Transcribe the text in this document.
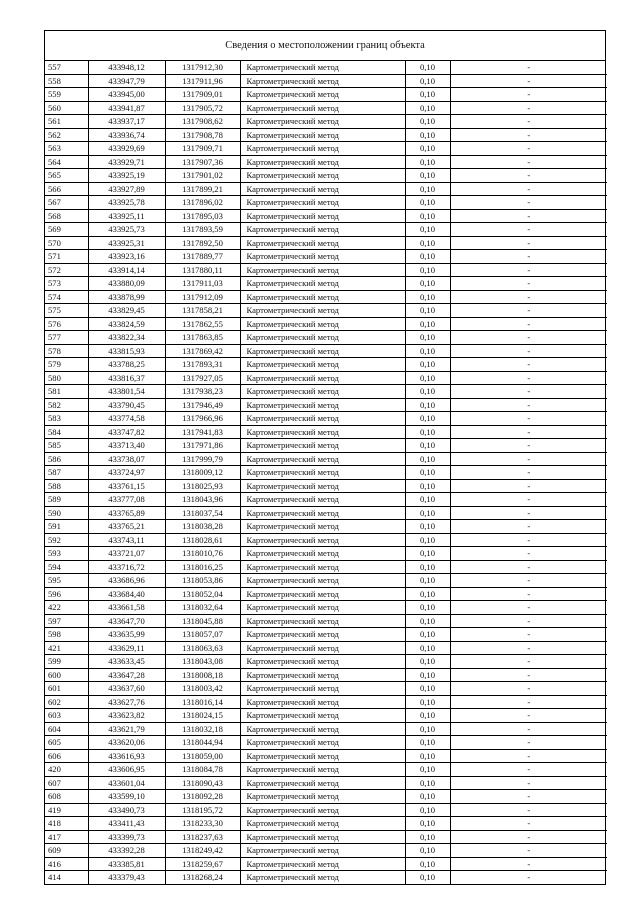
Сведения о местоположении границ объекта
557	433948,12	1317912,30	Картометрический метод	0,10	-
558	433947,79	1317911,96	Картометрический метод	0,10	-
559	433945,00	1317909,01	Картометрический метод	0,10	-
560	433941,87	1317905,72	Картометрический метод	0,10	-
561	433937,17	1317908,62	Картометрический метод	0,10	-
562	433936,74	1317908,78	Картометрический метод	0,10	-
563	433929,69	1317909,71	Картометрический метод	0,10	-
564	433929,71	1317907,36	Картометрический метод	0,10	-
565	433925,19	1317901,02	Картометрический метод	0,10	-
566	433927,89	1317899,21	Картометрический метод	0,10	-
567	433925,78	1317896,02	Картометрический метод	0,10	-
568	433925,11	1317895,03	Картометрический метод	0,10	-
569	433925,73	1317893,59	Картометрический метод	0,10	-
570	433925,31	1317892,50	Картометрический метод	0,10	-
571	433923,16	1317889,77	Картометрический метод	0,10	-
572	433914,14	1317880,11	Картометрический метод	0,10	-
573	433880,09	1317911,03	Картометрический метод	0,10	-
574	433878,99	1317912,09	Картометрический метод	0,10	-
575	433829,45	1317858,21	Картометрический метод	0,10	-
576	433824,59	1317862,55	Картометрический метод	0,10	-
577	433822,34	1317863,85	Картометрический метод	0,10	-
578	433815,93	1317869,42	Картометрический метод	0,10	-
579	433788,25	1317893,31	Картометрический метод	0,10	-
580	433816,37	1317927,05	Картометрический метод	0,10	-
581	433801,54	1317938,23	Картометрический метод	0,10	-
582	433790,45	1317946,49	Картометрический метод	0,10	-
583	433774,58	1317966,96	Картометрический метод	0,10	-
584	433747,82	1317941,83	Картометрический метод	0,10	-
585	433713,40	1317971,86	Картометрический метод	0,10	-
586	433738,07	1317999,79	Картометрический метод	0,10	-
587	433724,97	1318009,12	Картометрический метод	0,10	-
588	433761,15	1318025,93	Картометрический метод	0,10	-
589	433777,08	1318043,96	Картометрический метод	0,10	-
590	433765,89	1318037,54	Картометрический метод	0,10	-
591	433765,21	1318038,28	Картометрический метод	0,10	-
592	433743,11	1318028,61	Картометрический метод	0,10	-
593	433721,07	1318010,76	Картометрический метод	0,10	-
594	433716,72	1318016,25	Картометрический метод	0,10	-
595	433686,96	1318053,86	Картометрический метод	0,10	-
596	433684,40	1318052,04	Картометрический метод	0,10	-
422	433661,58	1318032,64	Картометрический метод	0,10	-
597	433647,70	1318045,88	Картометрический метод	0,10	-
598	433635,99	1318057,07	Картометрический метод	0,10	-
421	433629,11	1318063,63	Картометрический метод	0,10	-
599	433633,45	1318043,08	Картометрический метод	0,10	-
600	433647,28	1318008,18	Картометрический метод	0,10	-
601	433637,60	1318003,42	Картометрический метод	0,10	-
602	433627,76	1318016,14	Картометрический метод	0,10	-
603	433623,82	1318024,15	Картометрический метод	0,10	-
604	433621,79	1318032,18	Картометрический метод	0,10	-
605	433620,06	1318044,94	Картометрический метод	0,10	-
606	433616,93	1318059,00	Картометрический метод	0,10	-
420	433606,95	1318084,78	Картометрический метод	0,10	-
607	433601,04	1318090,43	Картометрический метод	0,10	-
608	433599,10	1318092,28	Картометрический метод	0,10	-
419	433490,73	1318195,72	Картометрический метод	0,10	-
418	433411,43	1318233,30	Картометрический метод	0,10	-
417	433399,73	1318237,63	Картометрический метод	0,10	-
609	433392,28	1318249,42	Картометрический метод	0,10	-
416	433385,81	1318259,67	Картометрический метод	0,10	-
414	433379,43	1318268,24	Картометрический метод	0,10	-
